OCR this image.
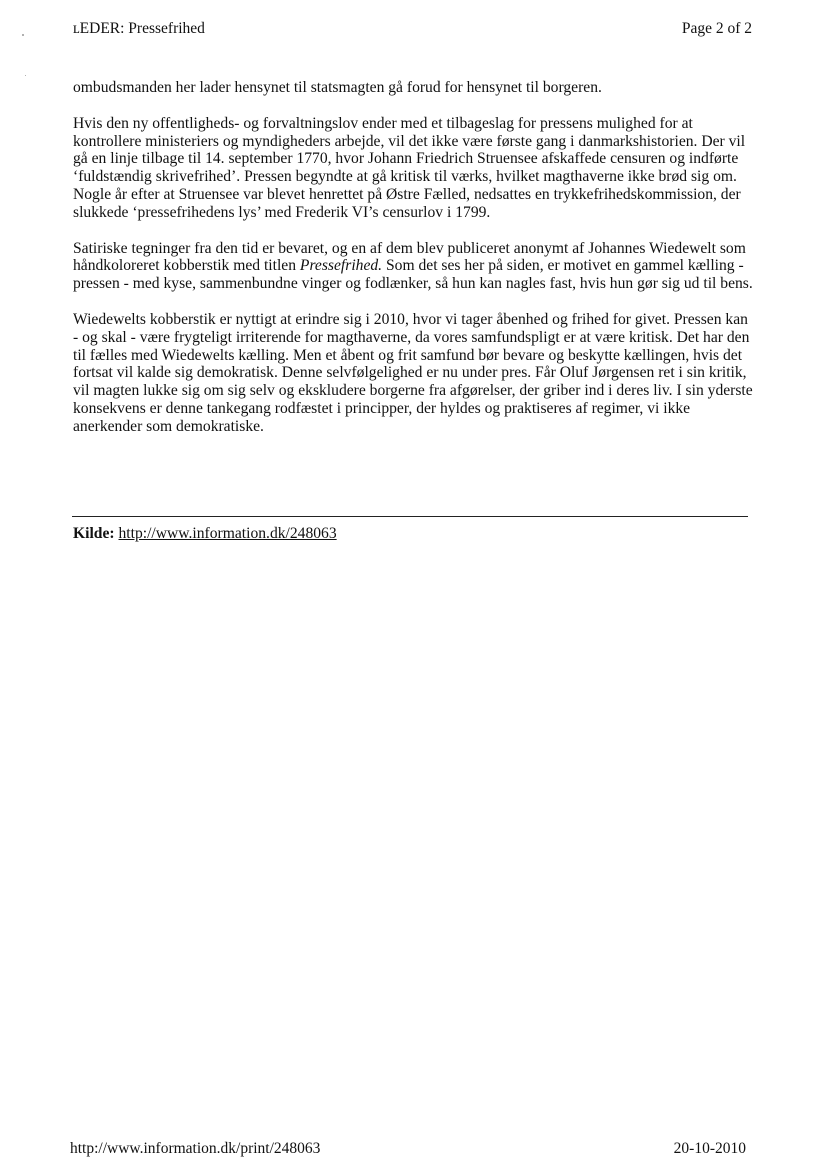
ʟEDER: Pressefrihed	Page 2 of 2

ombudsmanden her lader hensynet til statsmagten gå forud for hensynet til borgeren.

Hvis den ny offentligheds- og forvaltningslov ender med et tilbageslag for pressens mulighed for at kontrollere ministeriers og myndigheders arbejde, vil det ikke være første gang i danmarkshistorien. Der vil gå en linje tilbage til 14. september 1770, hvor Johann Friedrich Struensee afskaffede censuren og indførte ‘fuldstændig skrivefrihed’. Pressen begyndte at gå kritisk til værks, hvilket magthaverne ikke brød sig om. Nogle år efter at Struensee var blevet henrettet på Østre Fælled, nedsattes en trykkefrihedskommission, der slukkede ‘pressefrihedens lys’ med Frederik VI’s censurlov i 1799.

Satiriske tegninger fra den tid er bevaret, og en af dem blev publiceret anonymt af Johannes Wiedewelt som håndkoloreret kobberstik med titlen Pressefrihed. Som det ses her på siden, er motivet en gammel kælling - pressen - med kyse, sammenbundne vinger og fodlænker, så hun kan nagles fast, hvis hun gør sig ud til bens.

Wiedewelts kobberstik er nyttigt at erindre sig i 2010, hvor vi tager åbenhed og frihed for givet. Pressen kan - og skal - være frygteligt irriterende for magthaverne, da vores samfundspligt er at være kritisk. Det har den til fælles med Wiedewelts kælling. Men et åbent og frit samfund bør bevare og beskytte kællingen, hvis det fortsat vil kalde sig demokratisk. Denne selvfølgelighed er nu under pres. Får Oluf Jørgensen ret i sin kritik, vil magten lukke sig om sig selv og ekskludere borgerne fra afgørelser, der griber ind i deres liv. I sin yderste konsekvens er denne tankegang rodfæstet i principper, der hyldes og praktiseres af regimer, vi ikke anerkender som demokratiske.

Kilde: http://www.information.dk/248063
http://www.information.dk/print/248063	20-10-2010
